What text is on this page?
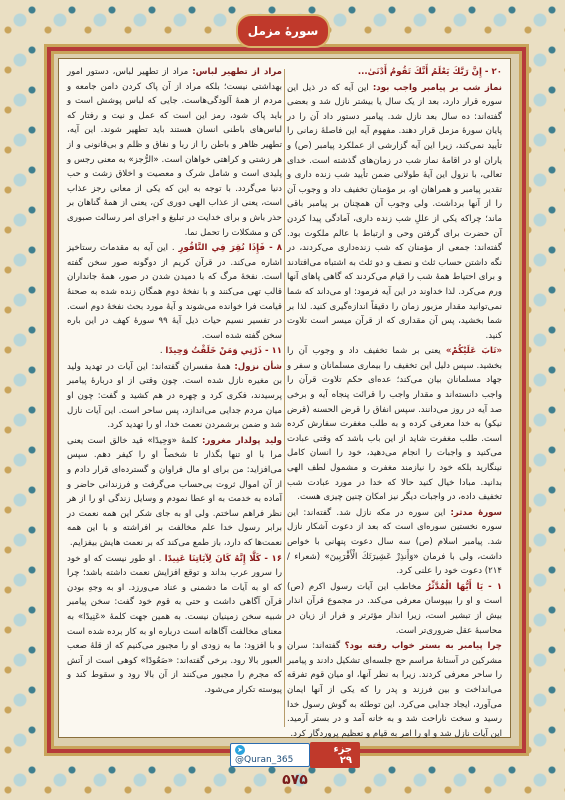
سورهٔ مزمل

۲۰ - إِنَّ رَبَّكَ يَعْلَمُ أَنَّكَ تَقُومُ أَدْنَىٰ...

نماز شب بر پیامبر واجب بود: این آیه که در ذیل این سوره قرار دارد، بعد از یک سال یا بیشتر نازل شد و بعضی گفته‌اند: ده سال بعد نازل شد. پیامبر دستور داد آن را در پایان سورهٔ مزمل قرار دهند. مفهوم آیه این فاصلهٔ زمانی را تأیید نمی‌کند، زیرا این آیه گزارشی از عملکرد پیامبر (ص) و یاران او در اقامهٔ نماز شب در زمان‌های گذشته است. خدای تعالی، با نزول این آیهٔ طولانی ضمن تأیید شب زنده داری و تقدیر پیامبر و همراهان او، بر مؤمنان تخفیف داد و وجوب آن را از آنها برداشت. ولی وجوب آن همچنان بر پیامبر باقی ماند؛ چراکه یکی از عللِ شب زنده داری، آمادگی پیدا کردن آن حضرت برای گرفتن وحی و ارتباط با عالم ملکوت بود. گفته‌اند: جمعی از مؤمنان که شب زنده‌داری می‌کردند، در نگه داشتن حساب ثلث و نصف و دو ثلث به اشتباه می‌افتادند و برای احتیاط همهٔ شب را قیام می‌کردند که گاهی پاهای آنها ورم می‌کرد. لذا خداوند در این آیه فرمود: او می‌داند که شما نمی‌توانید مقدار مزبور زمان را دقیقاً اندازه‌گیری کنید. لذا بر شما بخشید، پس آن مقداری که از قرآن میسر است تلاوت کنید.

«تَابَ عَلَيْكُمْ» یعنی بر شما تخفیف داد و وجوب آن را بخشید. سپس دلیل این تخفیف را بیماری مسلمانان و سفر و جهاد مسلمانان بیان می‌کند؛ عده‌ای حکم تلاوت قرآن را واجب دانسته‌اند و مقدار واجب را قرائت پنجاه آیه و برخی صد آیه در روز می‌دانند. سپس انفاق را قرض الحسنه (قرض نیکو) به خدا معرفی کرده و به طلب مغفرت سفارش کرده است. طلب مغفرت شاید از این باب باشد که وقتی عبادت می‌کنید و واجبات را انجام می‌دهید، خود را انسان کامل نینگارید بلکه خود را نیازمند مغفرت و مشمول لطف الهی بدانید. مبادا خیال کنید حالا که خدا در مورد عبادت شب تخفیف داده، در واجبات دیگر نیز امکان چنین چیزی هست.

سورهٔ مدثر: این سوره در مکه نازل شد. گفته‌اند: این سوره نخستین سوره‌ای است که بعد از دعوت آشکار نازل شد. پیامبر اسلام (ص) سه سال دعوت پنهانی با خواص داشت، ولی با فرمان «وَأَنذِرْ عَشِيرَتَكَ الْأَقْرَبِينَ» (شعراء / ۲۱۴) دعوت خود را علنی کرد.

۱ - يَا أَيُّهَا الْمُدَّثِّرُ مخاطب این آیات رسول اکرم (ص) است و او را بیپوسان معرفی می‌کند. در مجموع قرآن انذار بیش از تبشیر است، زیرا انذار مؤثرتر و فرار از زیان در محاسبهٔ عقل ضروری‌تر است.

چرا پیامبر به بستر خواب رفته بود؟ گفته‌اند: سران مشرکین در آستانهٔ مراسم حج جلسه‌ای تشکیل دادند و پیامبر را ساحر معرفی کردند. زیرا به نظر آنها، او میان قوم تفرقه می‌انداخت و بین فرزند و پدر را که یکی از آنها ایمان می‌آورد، ایجاد جدایی می‌کرد. این توطئه به گوش رسول خدا رسید و سخت ناراحت شد و به خانه آمد و در بستر آرمید. این آیات نازل شد و او را امر به قیام و تعظیم پروردگار کرد.

مراد از تطهیر لباس: مراد از تطهیر لباس، دستور امور بهداشتی نیست؛ بلکه مراد از آن پاک کردن دامن جامعه و مردم از همهٔ آلودگی‌هاست. جایی که لباس پوشش است و باید پاک شود، رمز این است که عمل و نیت و رفتار که لباس‌های باطنی انسان هستند باید تطهیر شوند. این آیه، تطهیر ظاهر و باطن را از ربا و نفاق و ظلم و بی‌قانونی و از هر زشتی و کراهتی خواهان است. «الرُّجز» به معنی رجس و پلیدی است و شامل شرک و معصیت و اخلاق زشت و حب دنیا می‌گردد. با توجه به این که یکی از معانی رجز عذاب است، یعنی از عذاب الهی دوری کن، یعنی از همهٔ گناهان بر حذر باش و برای خدایت در تبلیغ و اجرای امر رسالت صبوری کن و مشکلات را تحمل نما.

۸ - فَإِذَا نُقِرَ فِي النَّاقُورِ . این آیه به مقدمات رستاخیز اشاره می‌کند. در قرآن کریم از دوگونه صور سخن گفته است. نفخهٔ مرگ که با دمیدن شدن در صور، همهٔ جانداران قالب تهی می‌کنند و با نفخهٔ دوم همگان زنده شده به صحنهٔ قیامت فرا خوانده می‌شوند و آیهٔ مورد بحث نفخهٔ دوم است. در تفسیر نسیم حیات ذیل آیهٔ ۹۹ سورهٔ کهف در این باره سخن گفته شده است.

۱۱ - ذَرْنِي وَمَنْ خَلَقْتُ وَحِيدًا .

شأن نزول: همهٔ مفسران گفته‌اند: این آیات در تهدید ولید بن مغیره نازل شده است. چون وقتی از او دربارهٔ پیامبر پرسیدند، فکری کرد و چهره در هم کشید و گفت: چون او میان مردم جدایی می‌اندازد، پس ساحر است. این آیات نازل شد و ضمن برشمردن نعمت خدا، او را تهدید کرد.

ولید پولدار مغرور: کلمهٔ «وَحِيدًا» قید خالق است یعنی مرا با او تنها بگذار تا شخصاً او را کیفر دهم. سپس می‌افزاید: من برای او مال فراوان و گسترده‌ای قرار دادم و از آن اموال ثروت بی‌حساب می‌گرفت و فرزندانی حاضر و آماده به خدمت به او عطا نمودم و وسایل زندگی او را از هر نظر فراهم ساختم. ولی او به جای شکر این همه نعمت در برابر رسول خدا علم مخالفت بر افراشته و با این همه نعمت‌ها که دارد، باز طمع می‌کند که بر نعمت هایش بیفزایم.

۱۶ - كَلَّا إِنَّهُ كَانَ لِآيَاتِنَا عَنِيدًا . او طور نیست که او خود را سرور عرب بداند و توقع افزایش نعمت داشته باشد؛ چرا که او به آیات ما دشمنی و عناد می‌ورزد. او به وجهِ بودن قرآن آگاهی داشت و حتی به قوم خود گفت: سخن پیامبر شبیه سخن زمینیان نیست. به همین جهت کلمهٔ «عَنِيدًا» به معنای مخالفت آگاهانه است درباره او به کار برده شده است و با افزود: ما به زودی او را مجبور می‌کنیم که از قلهٔ صعب العبور بالا رود. برخی گفته‌اند: «صَعُودًا» کوهی است از آتش که مجرم را مجبور می‌کنند از آن بالا رود و سقوط کند و پیوسته تکرار می‌شود.

➤@Quran_365
جزء ۲۹
۵۷۵
